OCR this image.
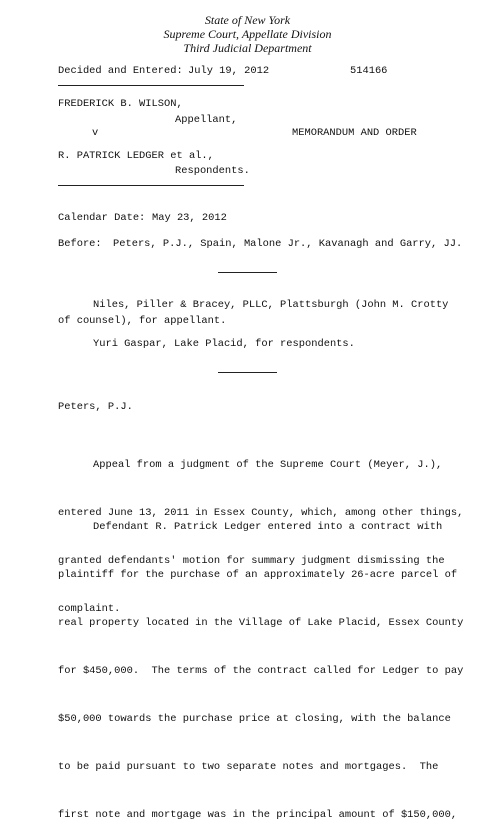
State of New York
Supreme Court, Appellate Division
Third Judicial Department
Decided and Entered: July 19, 2012	514166
FREDERICK B. WILSON,
Appellant,
v	MEMORANDUM AND ORDER
R. PATRICK LEDGER et al.,
Respondents.
Calendar Date: May 23, 2012
Before: Peters, P.J., Spain, Malone Jr., Kavanagh and Garry, JJ.
Niles, Piller & Bracey, PLLC, Plattsburgh (John M. Crotty
of counsel), for appellant.
Yuri Gaspar, Lake Placid, for respondents.
Peters, P.J.

Appeal from a judgment of the Supreme Court (Meyer, J.),

entered June 13, 2011 in Essex County, which, among other things,

granted defendants' motion for summary judgment dismissing the

complaint.

Defendant R. Patrick Ledger entered into a contract with

plaintiff for the purchase of an approximately 26-acre parcel of

real property located in the Village of Lake Placid, Essex County

for $450,000.  The terms of the contract called for Ledger to pay

$50,000 towards the purchase price at closing, with the balance

to be paid pursuant to two separate notes and mortgages.  The

first note and mortgage was in the principal amount of $150,000,
